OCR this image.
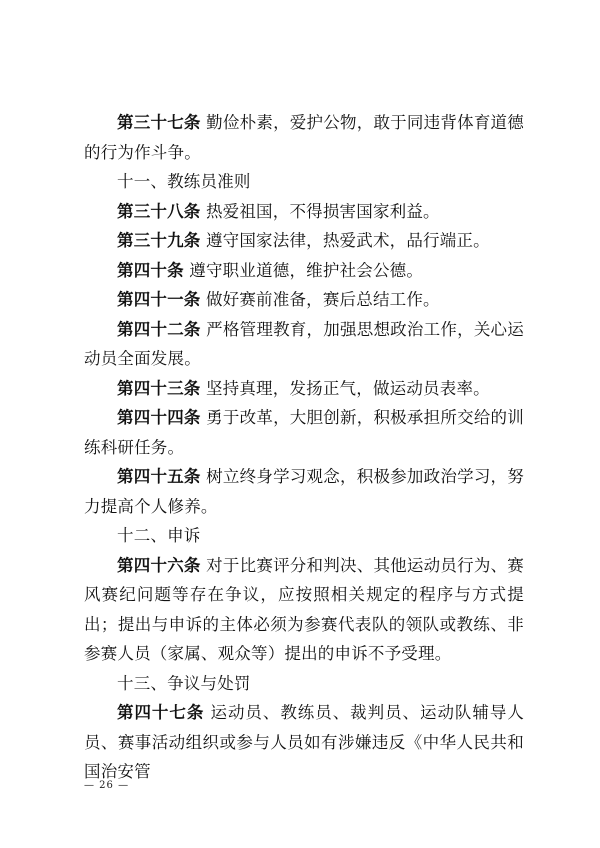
第三十七条 勤俭朴素，爱护公物，敢于同违背体育道德的行为作斗争。

十一、教练员准则

第三十八条 热爱祖国，不得损害国家利益。

第三十九条 遵守国家法律，热爱武术，品行端正。

第四十条 遵守职业道德，维护社会公德。

第四十一条 做好赛前准备，赛后总结工作。

第四十二条 严格管理教育，加强思想政治工作，关心运动员全面发展。

第四十三条 坚持真理，发扬正气，做运动员表率。

第四十四条 勇于改革，大胆创新，积极承担所交给的训练科研任务。

第四十五条 树立终身学习观念，积极参加政治学习，努力提高个人修养。

十二、申诉

第四十六条 对于比赛评分和判决、其他运动员行为、赛风赛纪问题等存在争议，应按照相关规定的程序与方式提出；提出与申诉的主体必须为参赛代表队的领队或教练、非参赛人员（家属、观众等）提出的申诉不予受理。

十三、争议与处罚

第四十七条 运动员、教练员、裁判员、运动队辅导人员、赛事活动组织或参与人员如有涉嫌违反《中华人民共和国治安管

— 26 —
